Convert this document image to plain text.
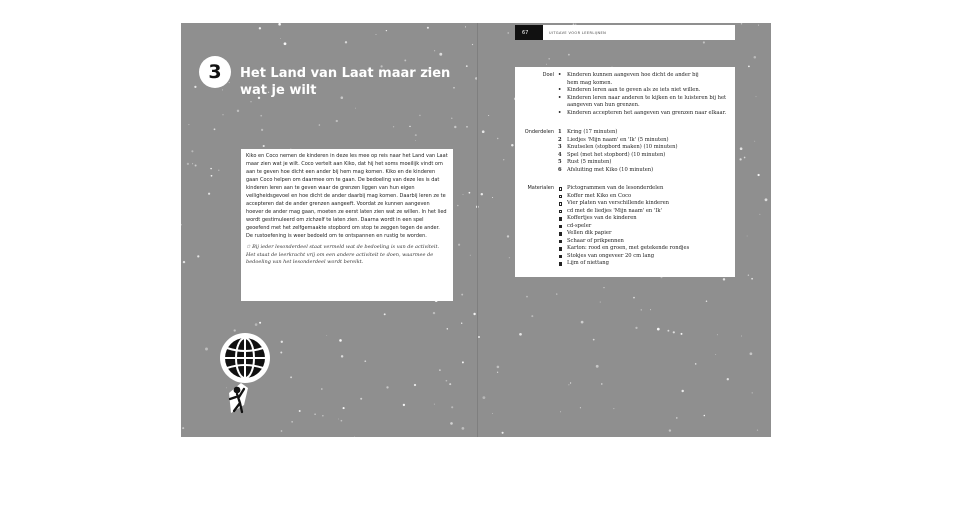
3	Het Land van Laat maar zien
wat je wilt

Kiko en Coco nemen de kinderen in deze les mee op reis naar het Land van Laat maar zien wat je wilt. Coco vertelt aan Kiko, dat hij het soms moeilijk vindt om aan te geven hoe dicht een ander bij hem mag komen. Kiko en de kinderen gaan Coco helpen om daarmee om te gaan. De bedoeling van deze les is dat kinderen leren aan te geven waar de grenzen liggen van hun eigen veiligheidsgevoel en hoe dicht de ander daarbij mag komen. Daarbij leren ze te accepteren dat de ander grenzen aangeeft. Voordat ze kunnen aangeven hoever de ander mag gaan, moeten ze eerst laten zien wat ze willen. In het lied wordt gestimuleerd om zichzelf te laten zien. Daarna wordt in een spel geoefend met het zelfgemaakte stopbord om stop te zeggen tegen de ander. De rustoefening is weer bedoeld om te ontspannen en rustig te worden.

☆ Bij ieder lesonderdeel staat vermeld wat de bedoeling is van de activiteit. Het staat de leerkracht vrij om een andere activiteit te doen, waarmee de bedoeling van het lesonderdeel wordt bereikt.

67	UITGAVE VOOR LEERLIJNEN
Doel •	Kinderen kunnen aangeven hoe dicht de ander bij hem mag komen.
•	Kinderen leren aan te geven als ze iets niet willen.
•	Kinderen leren naar anderen te kijken en te luisteren bij het aangeven van hun grenzen.
•	Kinderen accepteren het aangeven van grenzen naar elkaar.
Onderdelen 1	Kring (17 minuten)
2	Liedjes 'Mijn naam' en 'Ik' (5 minuten)
3	Knutselen (stopbord maken) (10 minuten)
4	Spel (met het stopbord) (10 minuten)
5	Rust (5 minuten)
6	Afsluiting met Kiko (10 minuten)
Materialen	Pictogrammen van de lesonderdelen
Koffer met Kiko en Coco
Vier platen van verschillende kinderen
cd met de liedjes 'Mijn naam' en 'Ik'
Koffertjes van de kinderen
cd-speler
Vellen dik papier
Schaar of prikpennen
Karton: rood en groen, met getekende rondjes
Stokjes van ongeveer 20 cm lang
Lijm of niettang
